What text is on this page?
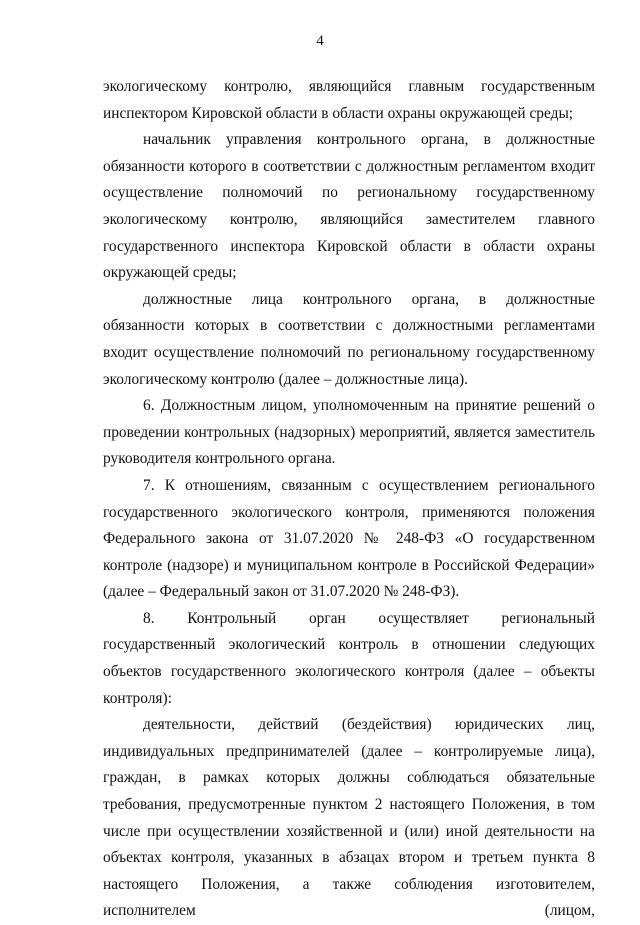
4

экологическому контролю, являющийся главным государственным инспектором Кировской области в области охраны окружающей среды;

начальник управления контрольного органа, в должностные обязанности которого в соответствии с должностным регламентом входит осуществление полномочий по региональному государственному экологическому контролю, являющийся заместителем главного государственного инспектора Кировской области в области охраны окружающей среды;

должностные лица контрольного органа, в должностные обязанности которых в соответствии с должностными регламентами входит осуществление полномочий по региональному государственному экологическому контролю (далее – должностные лица).

6. Должностным лицом, уполномоченным на принятие решений о проведении контрольных (надзорных) мероприятий, является заместитель руководителя контрольного органа.

7. К отношениям, связанным с осуществлением регионального государственного экологического контроля, применяются положения Федерального закона от 31.07.2020 № 248-ФЗ «О государственном контроле (надзоре) и муниципальном контроле в Российской Федерации» (далее – Федеральный закон от 31.07.2020 № 248-ФЗ).

8. Контрольный орган осуществляет региональный государственный экологический контроль в отношении следующих объектов государственного экологического контроля (далее – объекты контроля):

деятельности, действий (бездействия) юридических лиц, индивидуальных предпринимателей (далее – контролируемые лица), граждан, в рамках которых должны соблюдаться обязательные требования, предусмотренные пунктом 2 настоящего Положения, в том числе при осуществлении хозяйственной и (или) иной деятельности на объектах контроля, указанных в абзацах втором и третьем пункта 8 настоящего Положения, а также соблюдения изготовителем, исполнителем (лицом,
